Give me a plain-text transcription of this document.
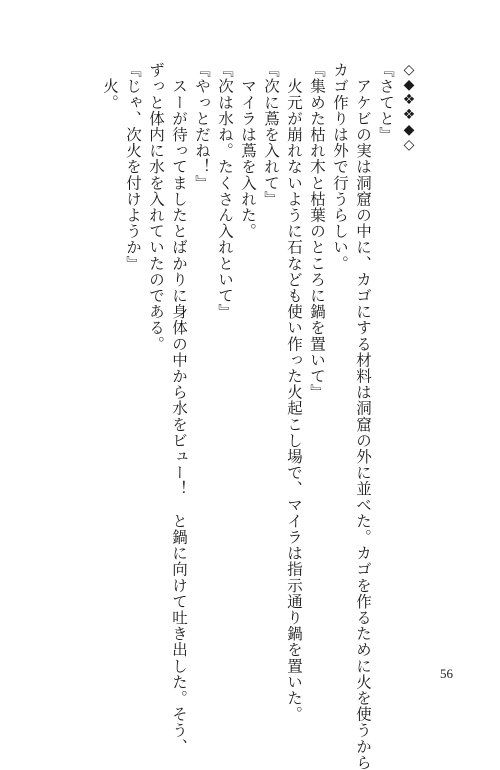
◇◆❖❖◆◇
『さてと』
　アケビの実は洞窟の中に、カゴにする材料は洞窟の外に並べた。カゴを作るために火を使うから
カゴ作りは外で行うらしい。
『集めた枯れ木と枯葉のところに鍋を置いて』
　火元が崩れないように石なども使い作った火起こし場で、マイラは指示通り鍋を置いた。
『次に蔦を入れて』
　マイラは蔦を入れた。
『次は水ね。たくさん入れといて』
『やっとだね！』
　スーが待ってましたとばかりに身体の中から水をビュー！　と鍋に向けて吐き出した。そう、
ずっと体内に水を入れていたのである。
『じゃ、次火を付けようか』
　火。
56
